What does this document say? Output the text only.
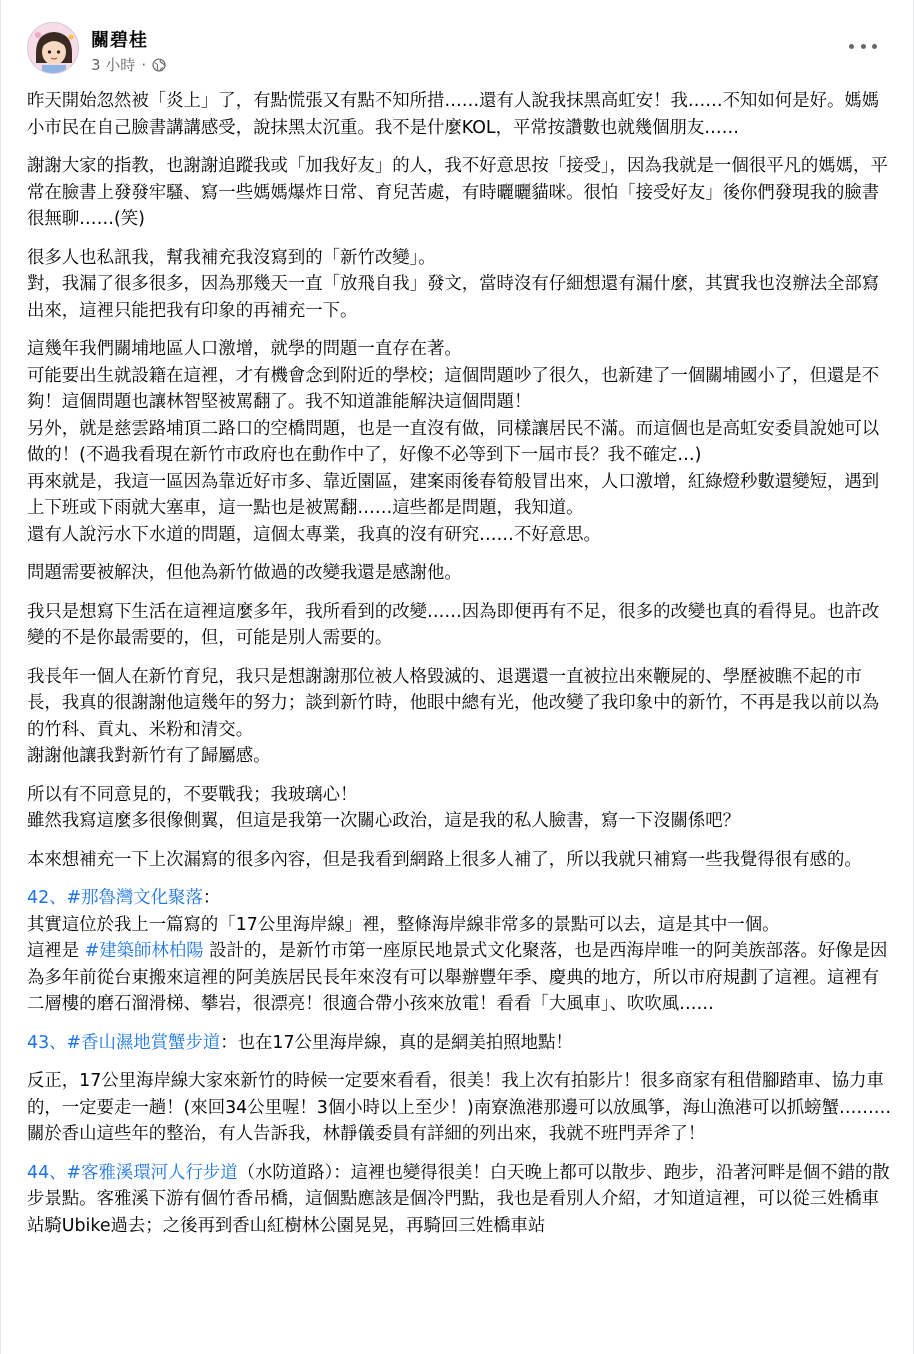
關碧桂
3 小時 ·

昨天開始忽然被「炎上」了，有點慌張又有點不知所措……還有人說我抹黑高虹安！我……不知如何是好。媽媽小市民在自己臉書講講感受，說抹黑太沉重。我不是什麼KOL，平常按讚數也就幾個朋友……

謝謝大家的指教，也謝謝追蹤我或「加我好友」的人，我不好意思按「接受」，因為我就是一個很平凡的媽媽，平常在臉書上發發牢騷、寫一些媽媽爆炸日常、育兒苦處，有時曬曬貓咪。很怕「接受好友」後你們發現我的臉書很無聊……(笑)

很多人也私訊我，幫我補充我沒寫到的「新竹改變」。
對，我漏了很多很多，因為那幾天一直「放飛自我」發文，當時沒有仔細想還有漏什麼，其實我也沒辦法全部寫出來，這裡只能把我有印象的再補充一下。

這幾年我們關埔地區人口激增，就學的問題一直存在著。
可能要出生就設籍在這裡，才有機會念到附近的學校；這個問題吵了很久，也新建了一個關埔國小了，但還是不夠！這個問題也讓林智堅被罵翻了。我不知道誰能解決這個問題！
另外，就是慈雲路埔頂二路口的空橋問題，也是一直沒有做，同樣讓居民不滿。而這個也是高虹安委員說她可以做的！(不過我看現在新竹市政府也在動作中了，好像不必等到下一屆市長？我不確定…)
再來就是，我這一區因為靠近好市多、靠近園區，建案雨後春筍般冒出來，人口激增，紅綠燈秒數還變短，遇到上下班或下雨就大塞車，這一點也是被罵翻……這些都是問題，我知道。
還有人說污水下水道的問題，這個太專業，我真的沒有研究……不好意思。

問題需要被解決，但他為新竹做過的改變我還是感謝他。

我只是想寫下生活在這裡這麼多年，我所看到的改變……因為即便再有不足，很多的改變也真的看得見。也許改變的不是你最需要的，但，可能是別人需要的。

我長年一個人在新竹育兒，我只是想謝謝那位被人格毀滅的、退選還一直被拉出來鞭屍的、學歷被瞧不起的市長，我真的很謝謝他這幾年的努力；談到新竹時，他眼中總有光，他改變了我印象中的新竹，不再是我以前以為的竹科、貢丸、米粉和清交。
謝謝他讓我對新竹有了歸屬感。

所以有不同意見的，不要戰我；我玻璃心！
雖然我寫這麼多很像側翼，但這是我第一次關心政治，這是我的私人臉書，寫一下沒關係吧？

本來想補充一下上次漏寫的很多內容，但是我看到網路上很多人補了，所以我就只補寫一些我覺得很有感的。

42、#那魯灣文化聚落：
其實這位於我上一篇寫的「17公里海岸線」裡，整條海岸線非常多的景點可以去，這是其中一個。
這裡是 #建築師林柏陽 設計的，是新竹市第一座原民地景式文化聚落，也是西海岸唯一的阿美族部落。好像是因為多年前從台東搬來這裡的阿美族居民長年來沒有可以舉辦豐年季、慶典的地方，所以市府規劃了這裡。這裡有二層樓的磨石溜滑梯、攀岩，很漂亮！很適合帶小孩來放電！看看「大風車」、吹吹風……

43、#香山濕地賞蟹步道：也在17公里海岸線，真的是網美拍照地點！

反正，17公里海岸線大家來新竹的時候一定要來看看，很美！我上次有拍影片！很多商家有租借腳踏車、協力車的，一定要走一趟！(來回34公里喔！3個小時以上至少！)南寮漁港那邊可以放風箏，海山漁港可以抓螃蟹………
關於香山這些年的整治，有人告訴我，林靜儀委員有詳細的列出來，我就不班門弄斧了！

44、#客雅溪環河人行步道（水防道路）：這裡也變得很美！白天晚上都可以散步、跑步，沿著河畔是個不錯的散步景點。客雅溪下游有個竹香吊橋，這個點應該是個冷門點，我也是看別人介紹，才知道這裡，可以從三姓橋車站騎Ubike過去；之後再到香山紅樹林公園晃晃，再騎回三姓橋車站
